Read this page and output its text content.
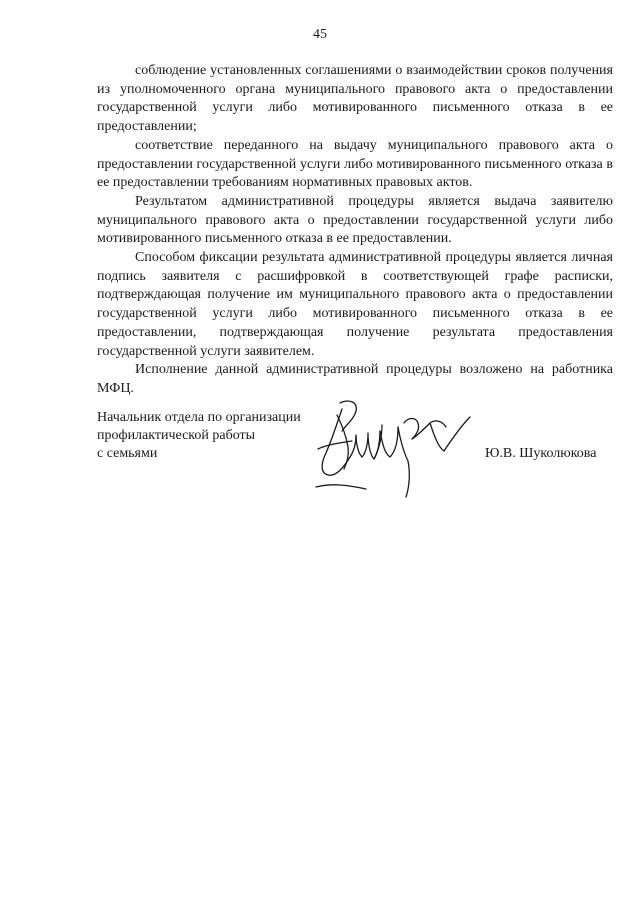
45

соблюдение установленных соглашениями о взаимодействии сроков получения из уполномоченного органа муниципального правового акта о предоставлении государственной услуги либо мотивированного письменного отказа в ее предоставлении;

соответствие переданного на выдачу муниципального правового акта о предоставлении государственной услуги либо мотивированного письменного отказа в ее предоставлении требованиям нормативных правовых актов.

Результатом административной процедуры является выдача заявителю муниципального правового акта о предоставлении государственной услуги либо мотивированного письменного отказа в ее предоставлении.

Способом фиксации результата административной процедуры является личная подпись заявителя с расшифровкой в соответствующей графе расписки, подтверждающая получение им муниципального правового акта о предоставлении государственной услуги либо мотивированного письменного отказа в ее предоставлении, подтверждающая получение результата предоставления государственной услуги заявителем.

Исполнение данной административной процедуры возложено на работника МФЦ.

Начальник отдела по организации
профилактической работы
с семьями	Ю.В. Шуколюкова
